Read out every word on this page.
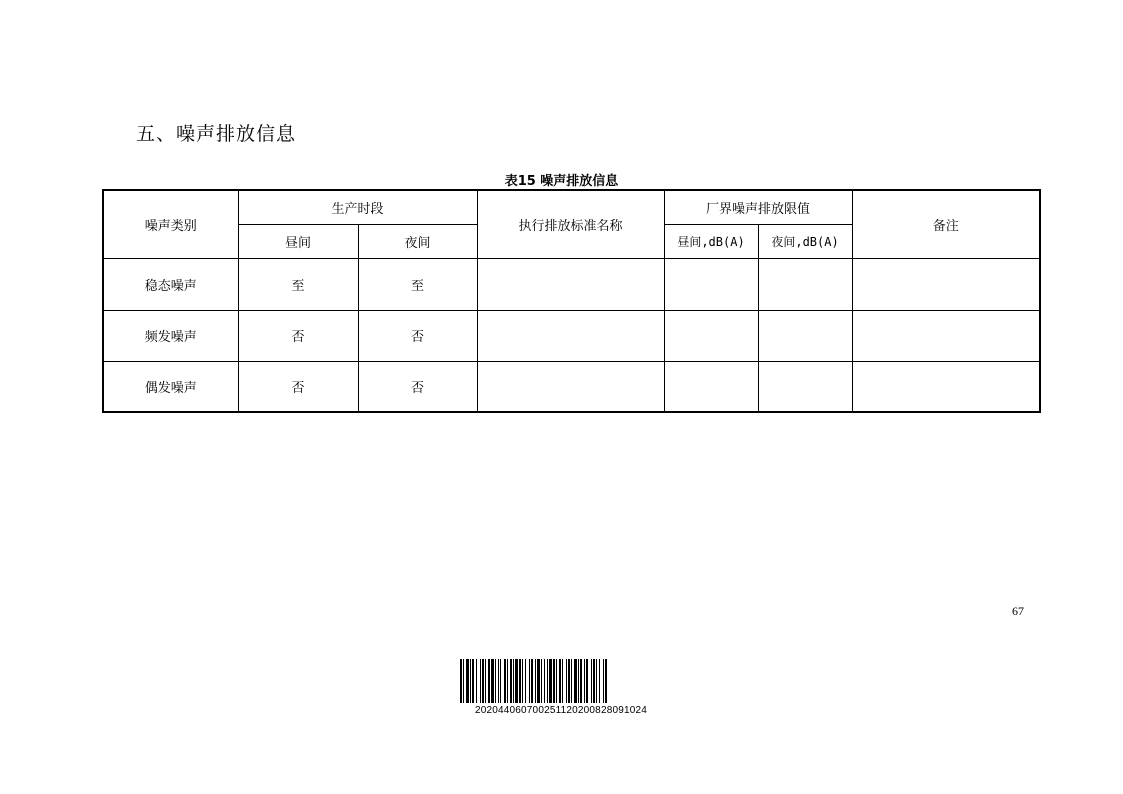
五、噪声排放信息
表15 噪声排放信息
噪声类别	生产时段		执行排放标准名称	厂界噪声排放限值		备注
	昼间	夜间		昼间,dB(A)	夜间,dB(A)	
稳态噪声	至	至				
频发噪声	否	否				
偶发噪声	否	否				
67
20204406070025112020082809102​4
